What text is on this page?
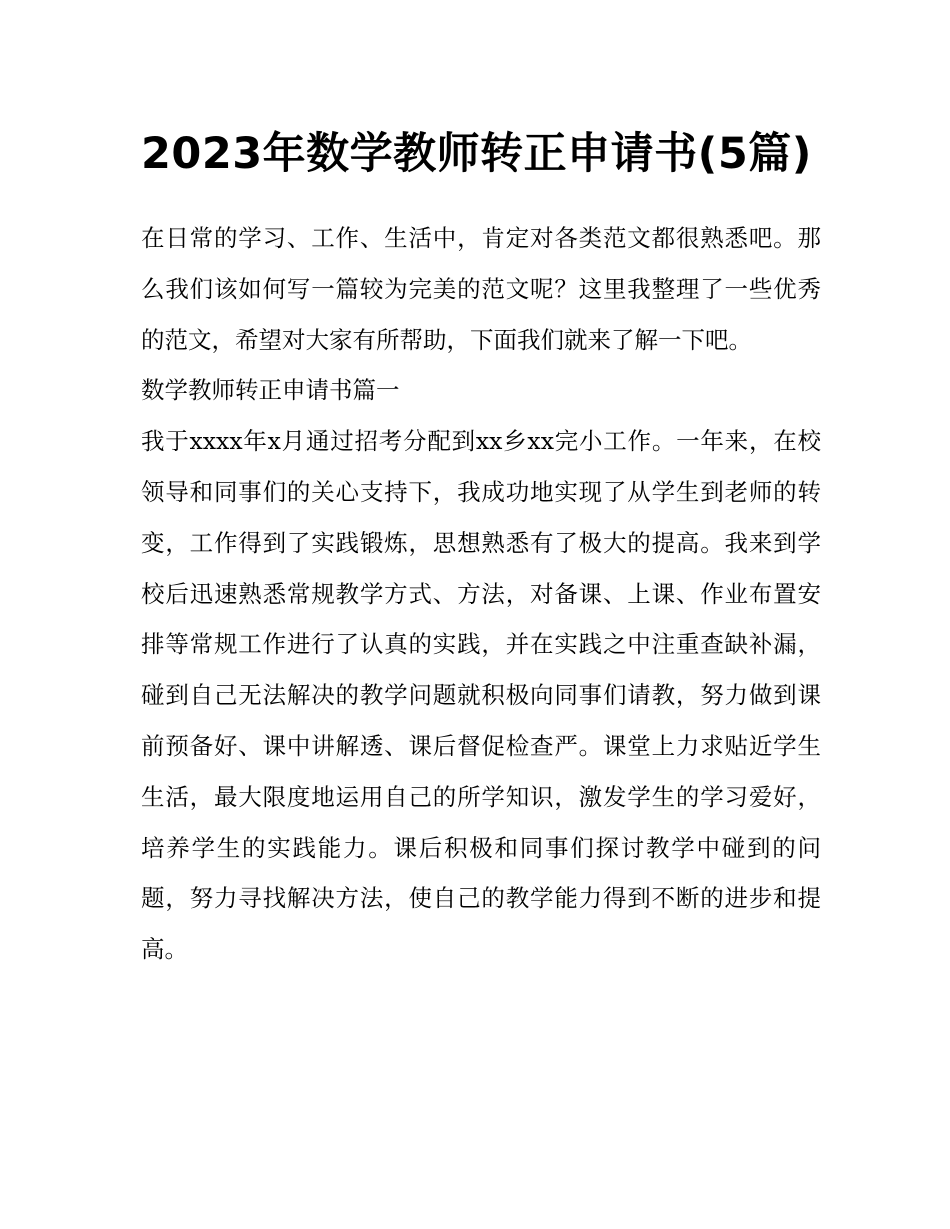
2023年数学教师转正申请书(5篇)

在日常的学习、工作、生活中，肯定对各类范文都很熟悉吧。那么我们该如何写一篇较为完美的范文呢？这里我整理了一些优秀的范文，希望对大家有所帮助，下面我们就来了解一下吧。

数学教师转正申请书篇一

我于xxxx年x月通过招考分配到xx乡xx完小工作。一年来，在校领导和同事们的关心支持下，我成功地实现了从学生到老师的转变，工作得到了实践锻炼，思想熟悉有了极大的提高。我来到学校后迅速熟悉常规教学方式、方法，对备课、上课、作业布置安排等常规工作进行了认真的实践，并在实践之中注重查缺补漏，碰到自己无法解决的教学问题就积极向同事们请教，努力做到课前预备好、课中讲解透、课后督促检查严。课堂上力求贴近学生生活，最大限度地运用自己的所学知识，激发学生的学习爱好，培养学生的实践能力。课后积极和同事们探讨教学中碰到的问题，努力寻找解决方法，使自己的教学能力得到不断的进步和提高。
